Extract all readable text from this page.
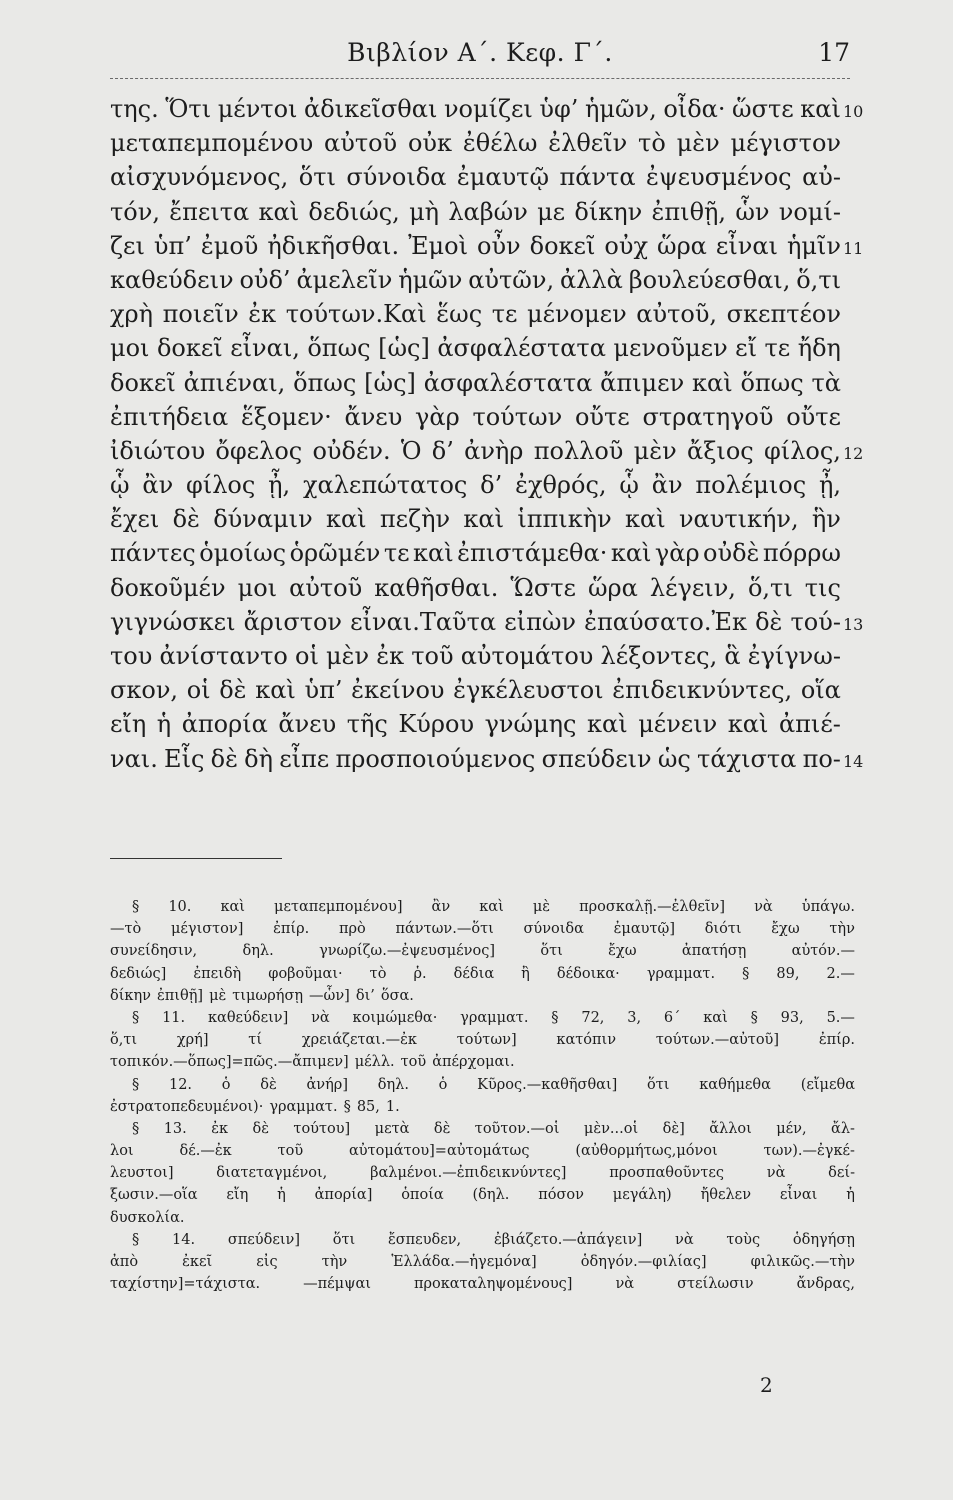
Βιβλίον Α΄. Κεφ. Γ΄.	17
της. Ὅτι μέντοι ἀδικεῖσθαι νομίζει ὑφ’ ἡμῶν, οἶδα· ὥστε καὶ 10
μεταπεμπομένου αὐτοῦ οὐκ ἐθέλω ἐλθεῖν τὸ μὲν μέγιστον
αἰσχυνόμενος, ὅτι σύνοιδα ἐμαυτῷ πάντα ἐψευσμένος αὐ-
τόν, ἔπειτα καὶ δεδιώς, μὴ λαβών με δίκην ἐπιθῇ, ὧν νομί-
ζει ὑπ’ ἐμοῦ ἠδικῆσθαι. Ἐμοὶ οὖν δοκεῖ οὐχ ὥρα εἶναι ἡμῖν 11
καθεύδειν οὐδ’ ἀμελεῖν ἡμῶν αὐτῶν, ἀλλὰ βουλεύεσθαι, ὅ,τι
χρὴ ποιεῖν ἐκ τούτων.Καὶ ἕως τε μένομεν αὐτοῦ, σκεπτέον
μοι δοκεῖ εἶναι, ὅπως [ὡς] ἀσφαλέστατα μενοῦμεν εἴ τε ἤδη
δοκεῖ ἀπιέναι, ὅπως [ὡς] ἀσφαλέστατα ἄπιμεν καὶ ὅπως τὰ
ἐπιτήδεια ἕξομεν· ἄνευ γὰρ τούτων οὔτε στρατηγοῦ οὔτε
ἰδιώτου ὄφελος οὐδέν. Ὁ δ’ ἀνὴρ πολλοῦ μὲν ἄξιος φίλος, 12
ᾧ ἂν φίλος ᾖ, χαλεπώτατος δ’ ἐχθρός, ᾧ ἂν πολέμιος ᾖ,
ἔχει δὲ δύναμιν καὶ πεζὴν καὶ ἱππικὴν καὶ ναυτικήν, ἣν
πάντες ὁμοίως ὁρῶμέν τε καὶ ἐπιστάμεθα· καὶ γὰρ οὐδὲ πόρρω
δοκοῦμέν μοι αὐτοῦ καθῆσθαι. Ὥστε ὥρα λέγειν, ὅ,τι τις
γιγνώσκει ἄριστον εἶναι.Ταῦτα εἰπὼν ἐπαύσατο.Ἐκ δὲ τού- 13
του ἀνίσταντο οἱ μὲν ἐκ τοῦ αὐτομάτου λέξοντες, ἃ ἐγίγνω-
σκον, οἱ δὲ καὶ ὑπ’ ἐκείνου ἐγκέλευστοι ἐπιδεικνύντες, οἵα
εἴη ἡ ἀπορία ἄνευ τῆς Κύρου γνώμης καὶ μένειν καὶ ἀπιέ-
ναι. Εἷς δὲ δὴ εἶπε προσποιούμενος σπεύδειν ὡς τάχιστα πο- 14
§ 10. καὶ μεταπεμπομένου] ἂν καὶ μὲ προσκαλῇ.—ἐλθεῖν] νὰ ὑπάγω.
—τὸ μέγιστον] ἐπίρ. πρὸ πάντων.—ὅτι σύνοιδα ἐμαυτῷ] διότι ἔχω τὴν
συνείδησιν,	δηλ.	γνωρίζω.—ἐψευσμένος]	ὅτι	ἔχω	ἀπατήσῃ	αὐτόν.—
δεδιώς] ἐπειδὴ φοβοῦμαι· τὸ ῥ. δέδια ἢ δέδοικα· γραμματ. § 89, 2.—
δίκην ἐπιθῇ] μὲ τιμωρήσῃ —ὧν] δι’ ὅσα.
§ 11. καθεύδειν] νὰ κοιμώμεθα· γραμματ. § 72, 3, 6΄ καὶ § 93, 5.—
ὅ,τι	χρή]	τί	χρειάζεται.—ἐκ	τούτων]	κατόπιν	τούτων.—αὐτοῦ]	ἐπίρ.
τοπικόν.—ὅπως]=πῶς.—ἄπιμεν] μέλλ. τοῦ ἀπέρχομαι.
§ 12. ὁ δὲ ἀνήρ] δηλ. ὁ Κῦρος.—καθῆσθαι] ὅτι καθήμεθα (εἴμεθα
ἐστρατοπεδευμένοι)· γραμματ. § 85, 1.
§ 13. ἐκ δὲ τούτου] μετὰ δὲ τοῦτον.—οἱ μὲν...οἱ δὲ] ἄλλοι μέν, ἄλ-
λοι	δέ.—ἐκ	τοῦ	αὐτομάτου]=αὐτομάτως	(αὐθορμήτως,μόνοι	των).—ἐγκέ-
λευστοι]	διατεταγμένοι,	βαλμένοι.—ἐπιδεικνύντες]	προσπαθοῦντες	νὰ	δεί-
ξωσιν.—οἵα εἴη ἡ ἀπορία] ὁποία (δηλ. πόσον μεγάλη) ἤθελεν εἶναι ἡ
δυσκολία.
§ 14. σπεύδειν] ὅτι ἔσπευδεν, ἐβιάζετο.—ἀπάγειν] νὰ τοὺς ὁδηγήσῃ
ἀπὸ	ἐκεῖ	εἰς	τὴν	Ἑλλάδα.—ἡγεμόνα]	ὁδηγόν.—φιλίας]	φιλικῶς.—τὴν
ταχίστην]=τάχιστα.	—πέμψαι	προκαταληψομένους]	νὰ	στείλωσιν	ἄνδρας,
2
